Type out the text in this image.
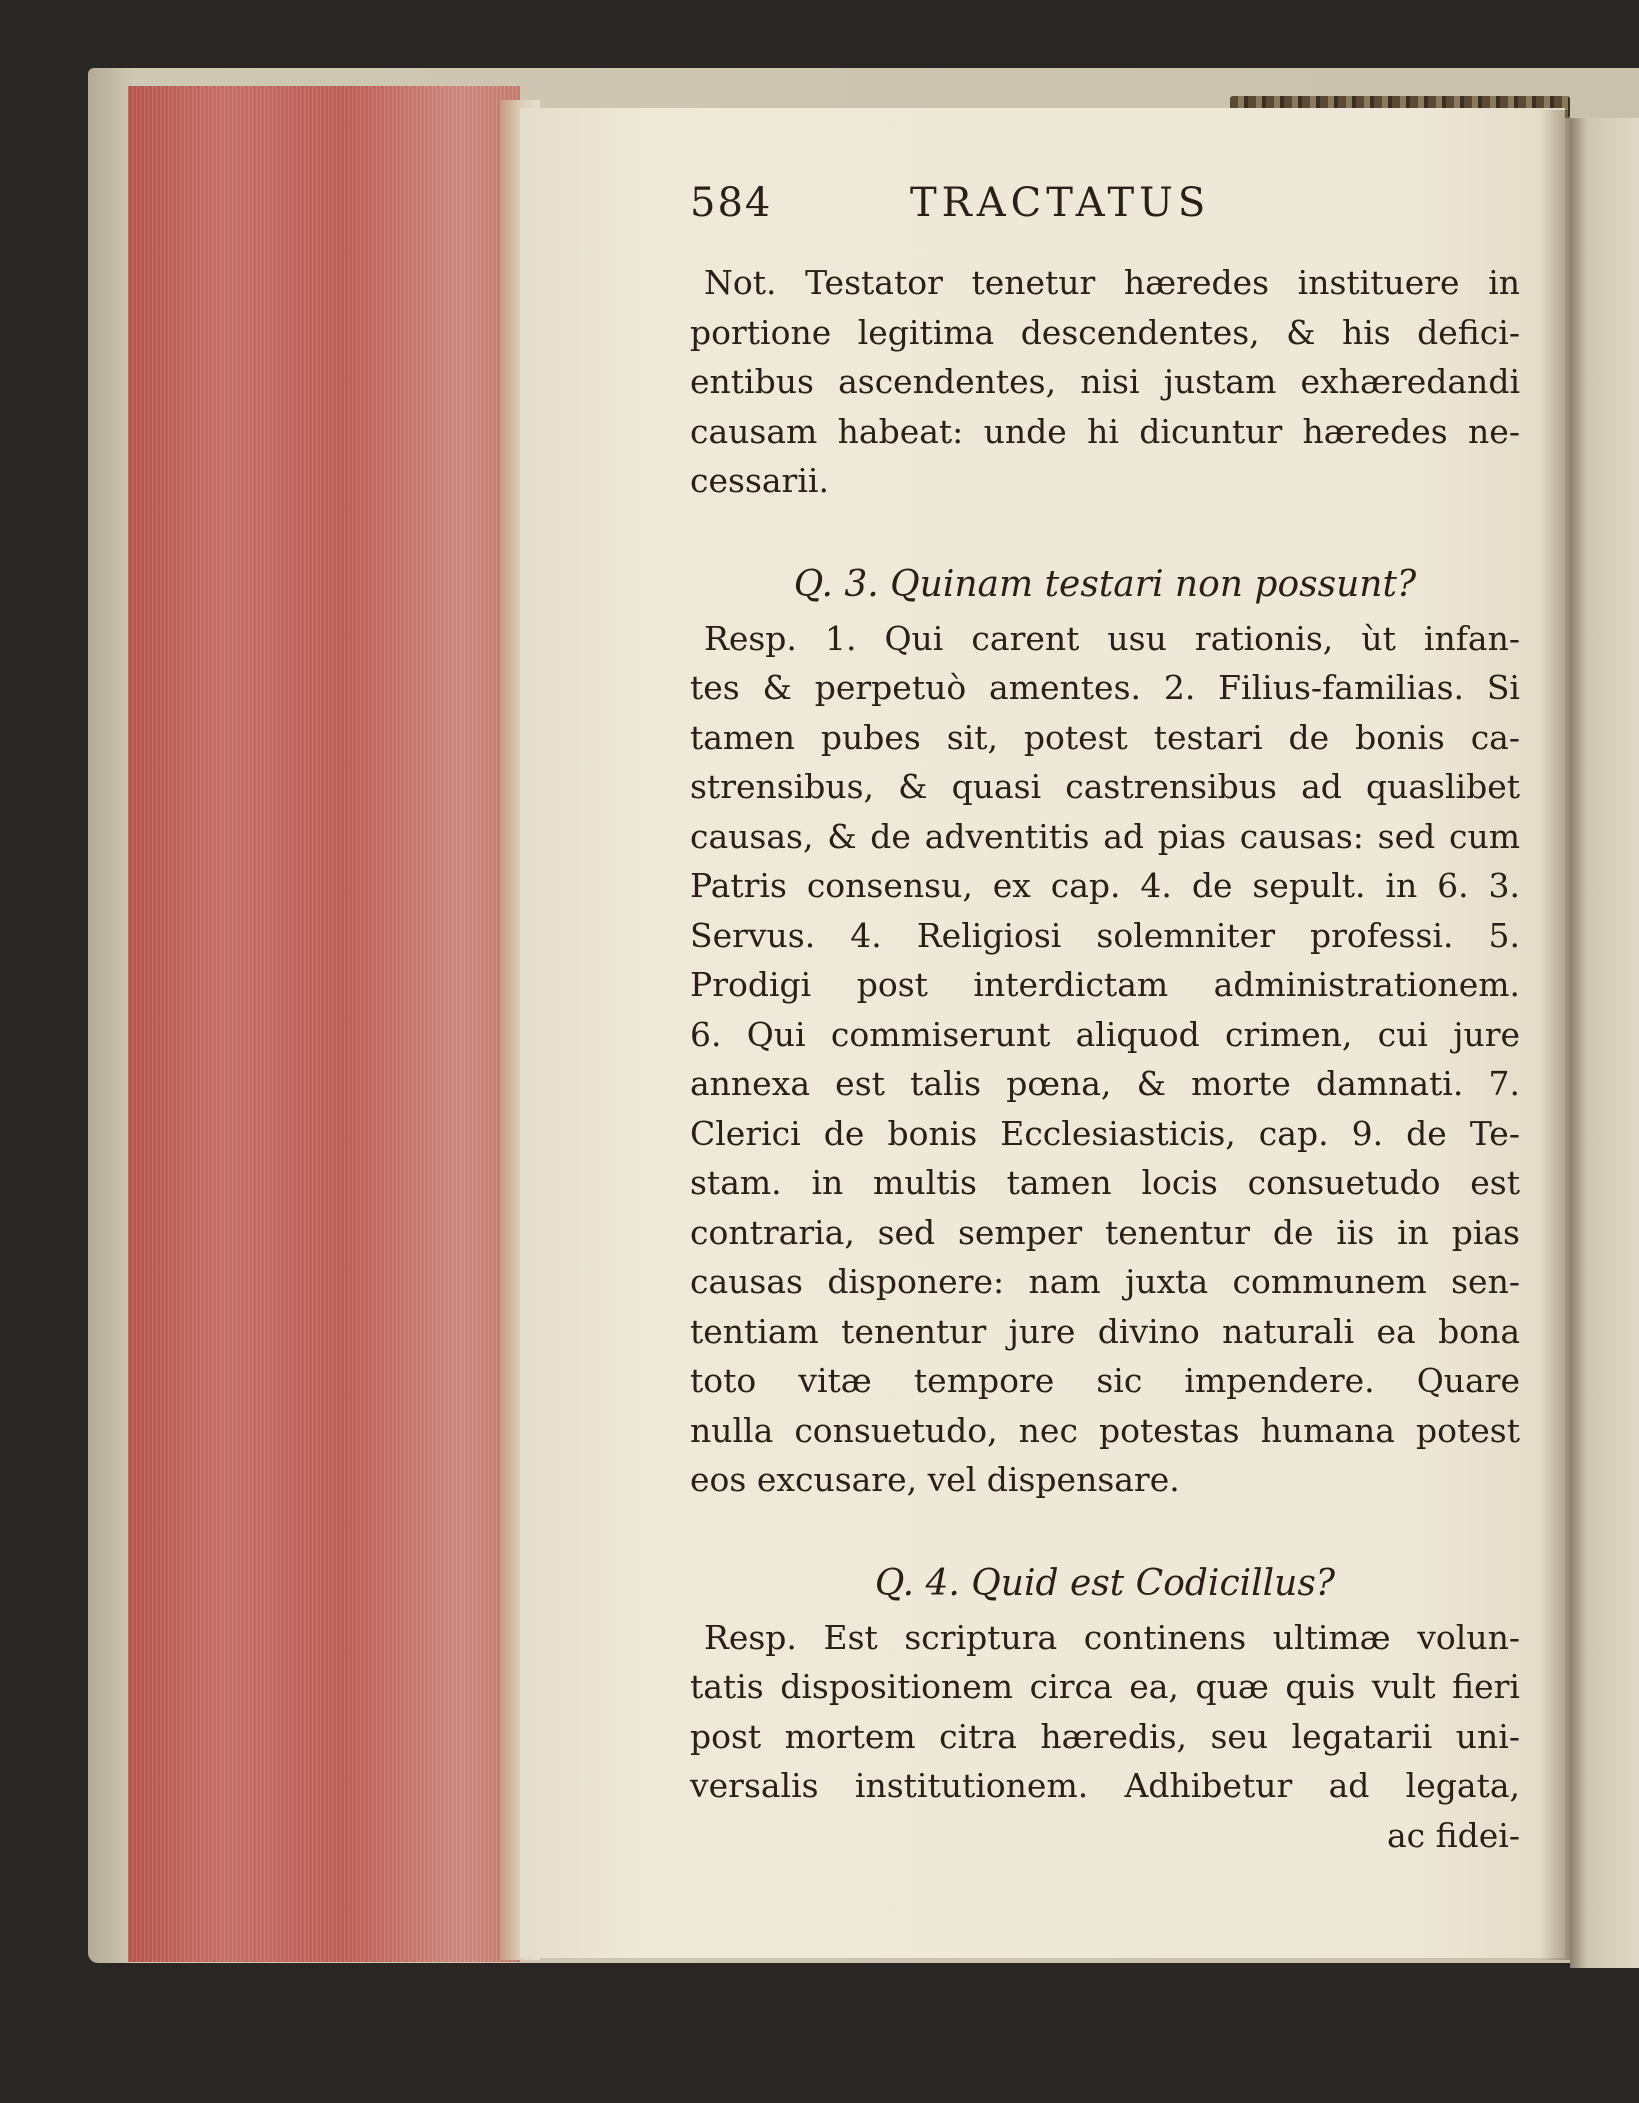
584	TRACTATUS
Not. Testator tenetur hæredes instituere in
portione legitima descendentes, & his defici-
entibus ascendentes, nisi justam exhæredandi
causam habeat: unde hi dicuntur hæredes ne-
cessarii.
Q. 3. Quinam testari non possunt?
Resp. 1. Qui carent usu rationis, ùt infan-
tes & perpetuò amentes. 2. Filius-familias. Si
tamen pubes sit, potest testari de bonis ca-
strensibus, & quasi castrensibus ad quaslibet
causas, & de adventitis ad pias causas: sed cum
Patris consensu, ex cap. 4. de sepult. in 6. 3.
Servus. 4. Religiosi solemniter professi. 5.
Prodigi post interdictam administrationem.
6. Qui commiserunt aliquod crimen, cui jure
annexa est talis pœna, & morte damnati. 7.
Clerici de bonis Ecclesiasticis, cap. 9. de Te-
stam. in multis tamen locis consuetudo est
contraria, sed semper tenentur de iis in pias
causas disponere: nam juxta communem sen-
tentiam tenentur jure divino naturali ea bona
toto vitæ tempore sic impendere. Quare
nulla consuetudo, nec potestas humana potest
eos excusare, vel dispensare.
Q. 4. Quid est Codicillus?
Resp. Est scriptura continens ultimæ volun-
tatis dispositionem circa ea, quæ quis vult fieri
post mortem citra hæredis, seu legatarii uni-
versalis institutionem. Adhibetur ad legata,
ac fidei-
